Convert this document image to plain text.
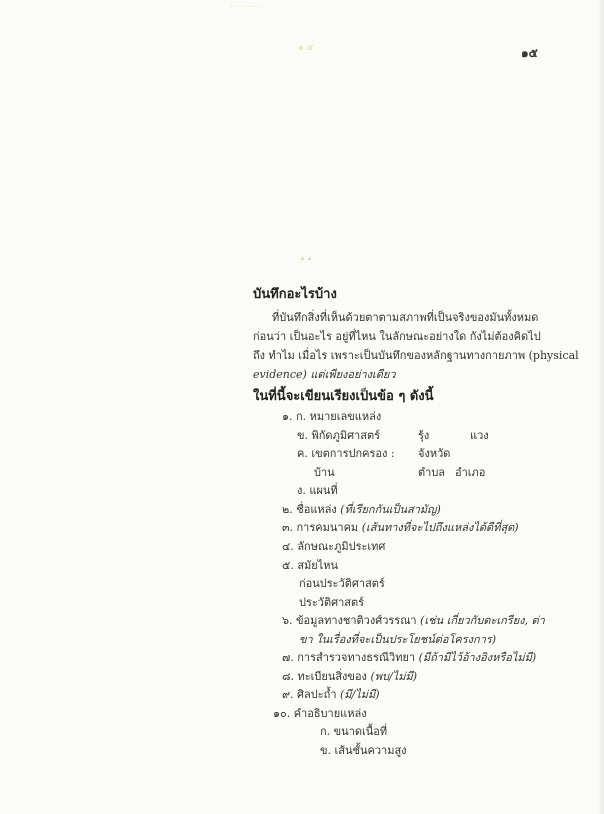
...........
๑ ๕
• •
๑๕
บันทึกอะไรบ้าง
ที่บันทึกสิ่งที่เห็นด้วยตาตามสภาพที่เป็นจริงของมันทั้งหมด
ก่อนว่า เป็นอะไร อยู่ที่ไหน ในลักษณะอย่างใด กังไม่ต้องคิดไป
ถึง ทำไม เมื่อไร เพราะเป็นบันทึกของหลักฐานทางกายภาพ (physical
evidence) แต่เพียงอย่างเดียว
ในที่นี้จะเขียนเรียงเป็นข้อ ๆ ดังนี้
๑. ก. หมายเลขแหล่ง
ข. พิกัดภูมิศาสตร์	รุ้ง	แวง
ค. เขตการปกครอง : จังหวัด
บ้าน	ตำบล อำเภอ
ง. แผนที่
๒. ชื่อแหล่ง (ที่เรียกกันเป็นสามัญ)
๓. การคมนาคม (เส้นทางที่จะไปถึงแหล่งได้ดีที่สุด)
๔. ลักษณะภูมิประเทศ
๕. สมัยไหน
ก่อนประวัติศาสตร์
ประวัติศาสตร์
๖. ข้อมูลทางชาติวงศ์วรรณา (เช่น เกี่ยวกับตะเกรียง, ต่า
ขา ในเรื่องที่จะเป็นประโยชน์ต่อโครงการ)
๗. การสำรวจทางธรณีวิทยา (มีถ้ามีไว้อ้างอิงหรือไม่มี)
๘. ทะเบียนสิ่งของ (พบ/ไม่มี)
๙. ศิลปะถ้ำ (มี/ไม่มี)
๑๐. คำอธิบายแหล่ง
ก. ขนาดเนื้อที่
ข. เส้นชั้นความสูง
